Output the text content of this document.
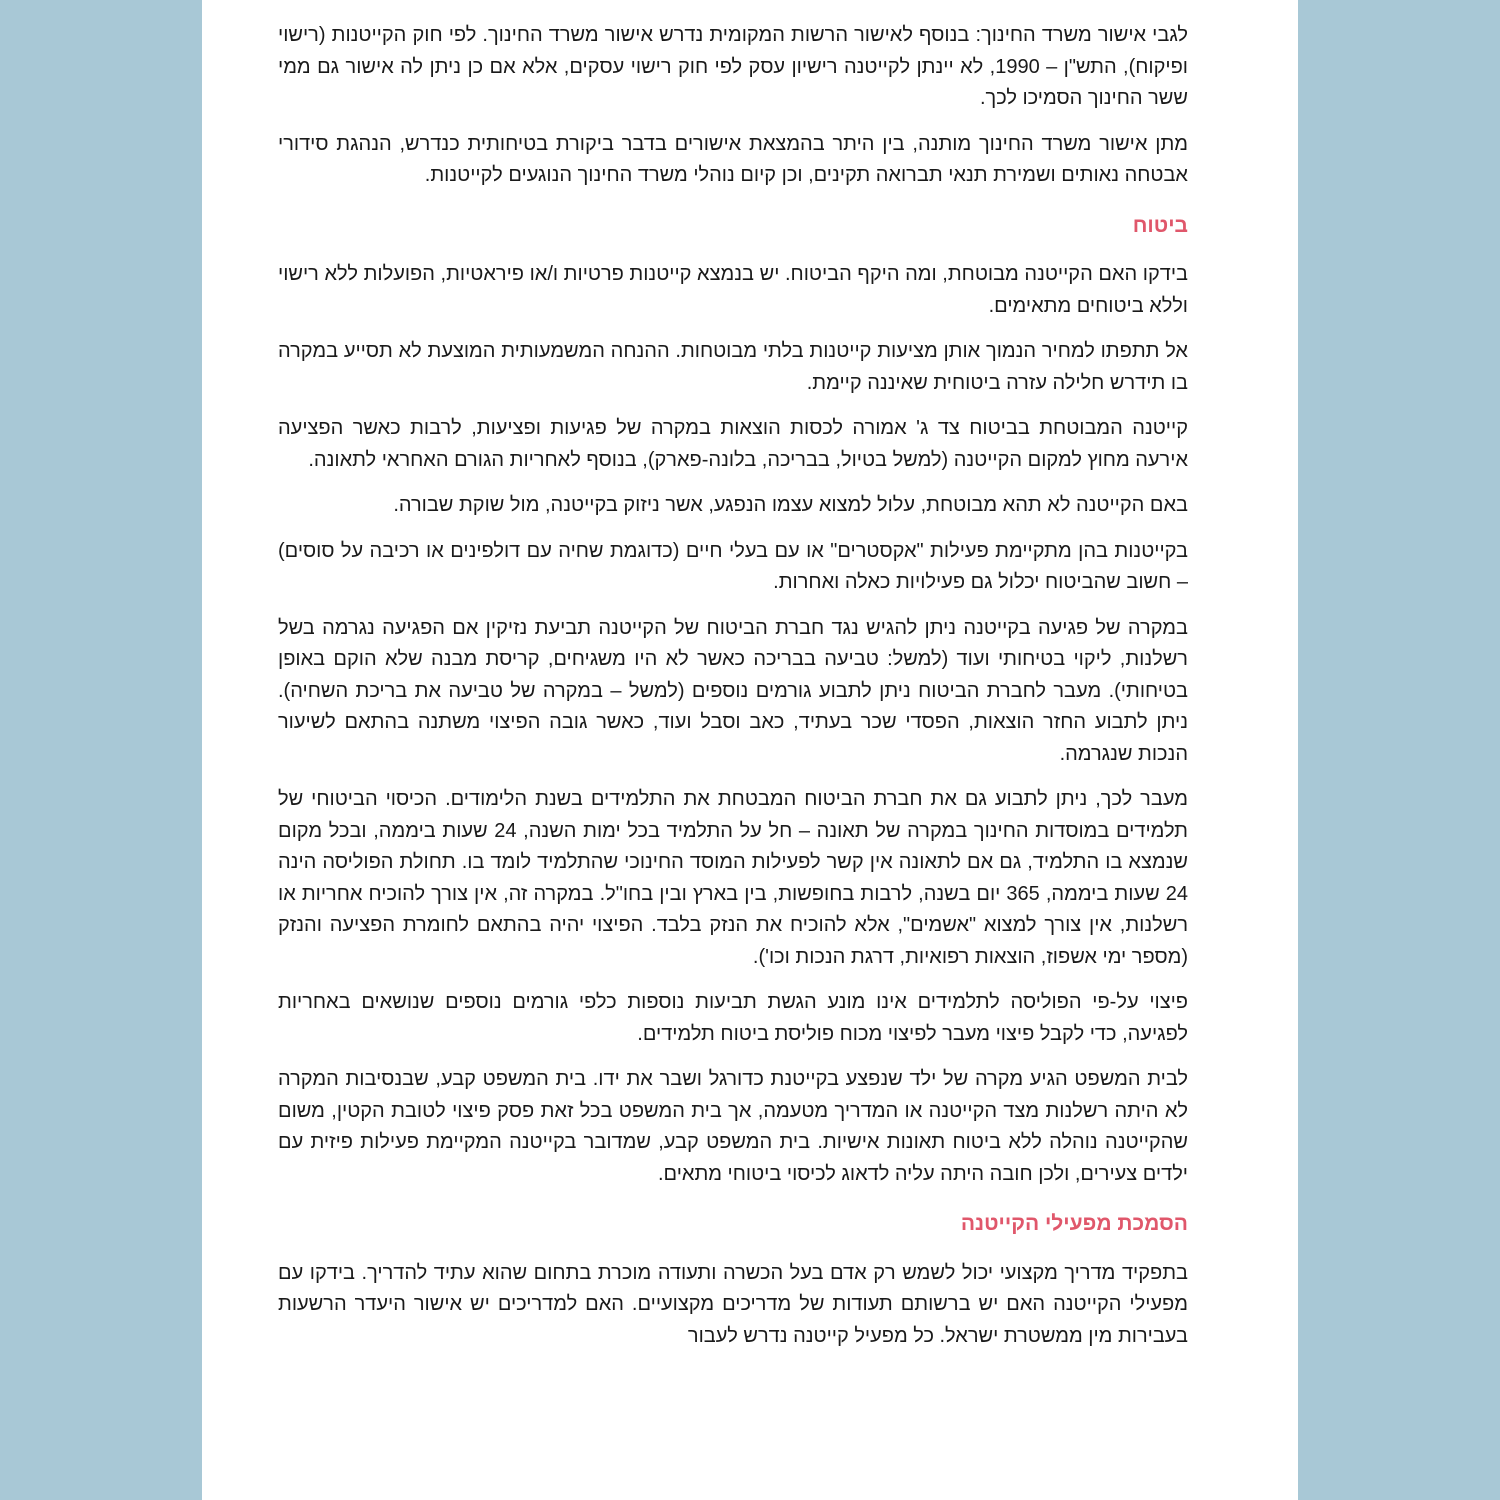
לגבי אישור משרד החינוך: בנוסף לאישור הרשות המקומית נדרש אישור משרד החינוך. לפי חוק הקייטנות (רישוי ופיקוח), התש"ן – 1990, לא יינתן לקייטנה רישיון עסק לפי חוק רישוי עסקים, אלא אם כן ניתן לה אישור גם ממי ששר החינוך הסמיכו לכך.

מתן אישור משרד החינוך מותנה, בין היתר בהמצאת אישורים בדבר ביקורת בטיחותית כנדרש, הנהגת סידורי אבטחה נאותים ושמירת תנאי תברואה תקינים, וכן קיום נוהלי משרד החינוך הנוגעים לקייטנות.

ביטוח

בידקו האם הקייטנה מבוטחת, ומה היקף הביטוח. יש בנמצא קייטנות פרטיות ו/או פיראטיות, הפועלות ללא רישוי וללא ביטוחים מתאימים.

אל תתפתו למחיר הנמוך אותן מציעות קייטנות בלתי מבוטחות. ההנחה המשמעותית המוצעת לא תסייע במקרה בו תידרש חלילה עזרה ביטוחית שאיננה קיימת.

קייטנה המבוטחת בביטוח צד ג' אמורה לכסות הוצאות במקרה של פגיעות ופציעות, לרבות כאשר הפציעה אירעה מחוץ למקום הקייטנה (למשל בטיול, בבריכה, בלונה-פארק), בנוסף לאחריות הגורם האחראי לתאונה.

באם הקייטנה לא תהא מבוטחת, עלול למצוא עצמו הנפגע, אשר ניזוק בקייטנה, מול שוקת שבורה.

בקייטנות בהן מתקיימת פעילות "אקסטרים" או עם בעלי חיים (כדוגמת שחיה עם דולפינים או רכיבה על סוסים) – חשוב שהביטוח יכלול גם פעילויות כאלה ואחרות.

במקרה של פגיעה בקייטנה ניתן להגיש נגד חברת הביטוח של הקייטנה תביעת נזיקין אם הפגיעה נגרמה בשל רשלנות, ליקוי בטיחותי ועוד (למשל: טביעה בבריכה כאשר לא היו משגיחים, קריסת מבנה שלא הוקם באופן בטיחותי). מעבר לחברת הביטוח ניתן לתבוע גורמים נוספים (למשל – במקרה של טביעה את בריכת השחיה). ניתן לתבוע החזר הוצאות, הפסדי שכר בעתיד, כאב וסבל ועוד, כאשר גובה הפיצוי משתנה בהתאם לשיעור הנכות שנגרמה.

מעבר לכך, ניתן לתבוע גם את חברת הביטוח המבטחת את התלמידים בשנת הלימודים. הכיסוי הביטוחי של תלמידים במוסדות החינוך במקרה של תאונה – חל על התלמיד בכל ימות השנה, 24 שעות ביממה, ובכל מקום שנמצא בו התלמיד, גם אם לתאונה אין קשר לפעילות המוסד החינוכי שהתלמיד לומד בו. תחולת הפוליסה הינה 24 שעות ביממה, 365 יום בשנה, לרבות בחופשות, בין בארץ ובין בחו"ל. במקרה זה, אין צורך להוכיח אחריות או רשלנות, אין צורך למצוא "אשמים", אלא להוכיח את הנזק בלבד. הפיצוי יהיה בהתאם לחומרת הפציעה והנזק (מספר ימי אשפוז, הוצאות רפואיות, דרגת הנכות וכו').

פיצוי על-פי הפוליסה לתלמידים אינו מונע הגשת תביעות נוספות כלפי גורמים נוספים שנושאים באחריות לפגיעה, כדי לקבל פיצוי מעבר לפיצוי מכוח פוליסת ביטוח תלמידים.

לבית המשפט הגיע מקרה של ילד שנפצע בקייטנת כדורגל ושבר את ידו. בית המשפט קבע, שבנסיבות המקרה לא היתה רשלנות מצד הקייטנה או המדריך מטעמה, אך בית המשפט בכל זאת פסק פיצוי לטובת הקטין, משום שהקייטנה נוהלה ללא ביטוח תאונות אישיות. בית המשפט קבע, שמדובר בקייטנה המקיימת פעילות פיזית עם ילדים צעירים, ולכן חובה היתה עליה לדאוג לכיסוי ביטוחי מתאים.

הסמכת מפעילי הקייטנה

בתפקיד מדריך מקצועי יכול לשמש רק אדם בעל הכשרה ותעודה מוכרת בתחום שהוא עתיד להדריך. בידקו עם מפעילי הקייטנה האם יש ברשותם תעודות של מדריכים מקצועיים. האם למדריכים יש אישור היעדר הרשעות בעבירות מין ממשטרת ישראל. כל מפעיל קייטנה נדרש לעבור
